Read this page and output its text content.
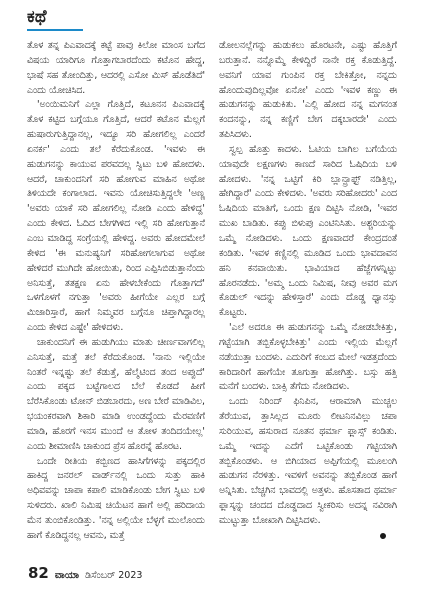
ಕಥೆ

ತೊಳ ತನ್ನ ಪಿಎವಾದಕ್ಕೆ ಕಟ್ಟೆ ಪಾವು ಕಿಲೋ ಮಾಂಸ ಬಗೆದ ವಿಷಯ ಯಾರಿಗೂ ಗೊತ್ತಾಗಬಾರದೆಂದು ಕಟೊನ ಹೇದ್ಡ, ಭಾಷೆ ಸಹ ತೋಂದಿತ್ತು, ಆದರಲ್ಲಿ ಎಸೋ ಮಿಸ್ ಹೊಡೆತಿದೆ' ಎಂದು ಯೋಚಿಸಿದ.

'ಅಂಯಿಮನಿಗೆ ಎಲ್ಲಾ ಗೊತ್ತಿದೆ, ಕಟೂನನ ಪಿಎವಾದಕ್ಕೆ ತೊಳ ಕಟ್ಟಿದ ಬಗ್ಗೆಯೂ ಗೊತ್ತಿದೆ, ಆದರೆ ಕಟೊನ ಮೆಲ್ಲಗೆ ಹುಷಾರುಗುತ್ತಿದ್ದಾನಲ್ಲ, ಇದ್ಯೂ ಸರಿ ಹೋಗಲಿಲ್ಲ ಎಂದರೆ ಏನರ್ಕ' ಎಂದು ತಲೆ ಕೆರೆದುಕೊಂಡ. 'ಇವಳು ಈ ಹುಡುಗನನ್ನು ಕಾಯುವ ಪರವದಲ್ಲ ಸ್ವಿಟು ಬಳಿ ಹೋದಳು. ಆದರೆ, ಚಾಕುಂದನಿಗೆ ಸರಿ ಹೋಗುವ ಮಾಹಿನ ಅಥೋ ತಿಳಿಯದೇ ಕಂಗಾಲಾದ. ಇವನು ಯೋಚಿಸುತ್ತಿದ್ದಲೇ 'ಅಣ್ಣ 'ಅವರು ಯಾಕೆ ಸರಿ ಹೋಗಲಿಲ್ಲ ನೋಡಿ ಎಂದು ಹೇಳಿದ್ದ' ಎಂದು ಕೇಳಿದ. ಓದಿದ ಬೇಗಗಿಳಿದ ಇಲ್ಲಿ ಸರಿ ಹೋಗುತ್ತಾನೆ ಎಂಬ ಮಾಡಿದ್ದ ಸಂಗ್ರೆಯಲ್ಲಿ ಹೇಳಿದ್ದ. ಅವರು ಹೋದಮೇಲೆ ಕೇಳಿದ 'ಈ ಮನುಷ್ಯನಿಗೆ ಸರಿಹೋಗಲಾಗುವ ಅಥೋ ಹೇಳಿದರೆ ಮುಗಿದೇ ಹೋಯಿತು, ರಿಂದ ಎಪ್ಪಿಸಿಬಿಡುತ್ತಾನೆಂದು ಅನಿಸುತ್ತೆ, ತತಕ್ಷಣ ಏನು ಹೇಳಬೇಕೆಂದು ಗೊತ್ತಾಗದೆ' ಒಳಗೊಳಗೆ ನಗುತ್ತಾ 'ಅವರು ಹೀಗೆಯೇ ಎಲ್ಲರ ಬಗ್ಗೆ ಮಿಜಾರಿಸ್ತಾರೆ, ಹಾಗೆ ನಿಮ್ಮವರ ಬಗ್ಗೆನೂ ಚಿಪ್ತಾಗಿದ್ದಾರಲ್ಲ ಎಂದು ಕೇಳಿದ ಎಷ್ಟೇ' ಹೇಳಿದಳು.

ಚಾಕುಂದನಿಗೆ ಈ ಹುಡುಗಿಯು ಮಾತು ಚೀರ್ಣವಾಗಲಿಲ್ಲ ಎನಿಸುತ್ತೆ, ಮತ್ತೆ ತಲೆ ಕೆರೆದುಕೊಂಡ. 'ನಾನು ಇಲ್ಲಿಯೇ ನಿಂತರೆ ಇನ್ನಷ್ಟು ತಲೆ ಕೆಡುತ್ತೆ, ಹೆಲ್ಮೆಟಿಂದ ತಂದ ಅಪ್ಪುದೆ' ಎಂದು ಪಕ್ಕದ ಬಟ್ಟೆಗಾಲದ ಬೆಲೆ ಕೊಡದೆ ಹೀಗೆ ಬೆರೆಸಿಕೊಂಡು ಟೋನ್ ಬಿಡಬಾರದು, ಅಣ ಬೇರೆ ಮಾಡಿವಿಲ, ಭಯಂಕರವಾಗಿ ಶಿಕಾರಿ ಮಾಡಿ ಉಂಡದ್ದೆಂದು ಮೆರವಣಿಗೆ ಮಾಡಿ, ಹೊರಗೆ ಇನಸ ಮುಂದೆ ಆ ತೋಳ ತಂದಿದಯೇಲ್ಲ' ಎಂದು ಶೀಮಾಣಿಸಿ ಚಾಕುಂದ ಪ್ರೆಸ ಹೊರನ್ನೆ ಹೊರಟ.

ಒಂದೇ ರೀತಿಯ ಕಬ್ಬಿಣದ ಹಾಸಿಗೆಗಳನ್ನು ಪಕ್ಕದಲ್ಲಿರ ಹಾಕಿದ್ದ ಜನರಲ್ ವಾರ್ಡ್‌ನಲ್ಲಿ ಒಂದು ಸುತ್ತು ಹಾಕಿ ಅಧಿವವನ್ನು ಚಾಪಾ ಕಪಾಲಿ ಮಾಡಿಕೊಂಡು ಬೇಗ ಸ್ವಿಟು ಬಳಿ ಸುಳಿದರು. ಖಾಲಿ ನಿಮಿಷ ಚಿಯೆಟನ ಹಾಗೆ ಅಲ್ಲಿ ಹರಿದಾಯ ಮೆನ ತುಂಬಿಕೊಂಡಿತ್ತು. 'ನನ್ನ ಅಲ್ಲಿಯೇ ಬೆಳ್ಳಗೆ ಮುಲೊಂದು ಹಾಗೆ ಕೊಡಿದ್ದನಲ್ಲ ಆವನು, ಮತ್ತೆ

ಡೋಲನಲ್ಲೆಗನ್ನು ಹುಡುಕಲು ಹೊರಟನೇ, ಎಷ್ಟು ಹೊತ್ತಿಗೆ ಬರುತ್ತಾನೆ. ನನ್ನೊಮ್ಮೆ ಕೇಳಿದ್ದಿರೆ ನಾನೇ ರಕ್ತ ಕೊಡುತ್ತಿದ್ದೆ. ಅವನಿಗೆ ಯಾವ ಗುಂಪಿನ ರಕ್ತ ಬೇಕಿತ್ತೋ, ನನ್ನದು ಹೊಂದುವುದಿಲ್ಲವೋ ಏನೋ' ಎಂದು 'ಇವಳ ಕಣ್ಣು ಈ ಹುಡುಗನನ್ನು ಹುಡುಕಿತು. 'ಎಲ್ಲಿ ಹೋದ ನನ್ನ ಮಗನಂತ ಕಂದನನ್ನು, ನನ್ನ ಕಣ್ಣಿಗೆ ಬೇಗ ದಕ್ಕಬಾರದೇ' ಎಂದು ತಪಿಸಿದಳು.

ಸ್ವಲ್ಪ ಹೊತ್ತು ಕಾದಳು. ಓಟಿಯ ಬಾಗಿಲ ಬಗೆಯೆಯ ಯಾವುದೇ ಲಕ್ಷಣಗಳು ಕಾಣದೆ ಸಾರಿದ ಓಷಿದಿಯ ಬಳಿ ಹೋದಳು. 'ನನ್ನ ಒಟ್ಟಿಗೆ ಕಿರಿ ಬ್ಲಾನ್ಪ್ರಾಫ್ಟ್ ನಡಿತ್ತಿಲ್ಲ, ಹೇಗಿದ್ದಾರೆ' ಎಂದು ಕೇಳಿದಳು. 'ಅವರು ಸರಿಹೋದರು' ಎಂದ ಓಷಿದಿಯ ಮಾತಿಗೆ, ಒಂದು ಕ್ಷಣ ದಿಟ್ಟಿಸಿ ನೋಡಿ, 'ಇವರ ಮುಖ ಬಾಡಿತು. ಕಪ್ಪು ಬಿಳುಪು ಎಂಟಿನಿಸಿತು. ಅಶ್ಚರಿಯನ್ನು ಒಮ್ಮೆ ನೋಡಿದಳು. ಒಂದು ಕ್ಷಣವಾದರೆ ಕೇಂದ್ರದಂತೆ ಕಂಡಿತು. 'ಇವಳ ಕಣ್ಣಿನಲ್ಲಿ ಮೂಡಿದ ಒಂದು ಭಾವದಾವನ ಹನಿ ಕನವಾಯಿತು. ಭಾವಿಯಾದ ಹೆಜ್ಜೆಗಳನ್ನಿಟ್ಟು ಹೊರನಡೆದು. 'ಅಮ್ಮ ಒಂದು ನಿಮಿಷ, ನೀವು ಅವರ ಮಗ ಕೊಡುಲ್ ಇದನ್ನು ಹೇಳಿಸ್ತಾರೆ' ಎಂದು ದೊಡ್ಡ ಧ್ವಾನಸ್ಸು ಕೊಟ್ಟರು.

'ಎಲೆ ಅದರೂ ಈ ಹುಡುಗನನ್ನು ಒಮ್ಮೆ ನೋಡಬೇಕಿತ್ತು, ಗಟ್ಟೆಯಾಗಿ ತಬ್ಬಿಕೊಳ್ಳಬೇಕಿತ್ತು' ಎಂದು ಇಲ್ಲಿಯ ಮೆಲ್ಲಗೆ ನಡೆಯುತ್ತಾ ಬಂದಳು. ಎದುರಿಗೆ ಕಂಬದ ಮೇಲೆ ಇಡತ್ತದೆಂದು ಕಾರಿದಾರಿಗೆ ಹಾಗೆಯೇ ತೂಗುತ್ತಾ ಹೋಗಿತ್ತು. ಬಸ್ಸು ಹತ್ತಿ ಮನೆಗೆ ಬಂದಳು. ಬಾಕ್ಸಿ ತೆಗೆದು ನೋಡಿದಳು.

ಒಂದು ನಿರಿಂದ್ ಫಿನಿಪಿನ, ಆರಾಮಾಗಿ ಮುಚ್ಚಲ ತೆರೆಯುವ, ತ್ತಾಸಿಲ್ಲದ ಮೂರು ಲೀಟನಿನವಿಲ್ಲು ಚಪಾ ಸುರಿಯುವ, ಹಸುರಾದ ನೂತನ ಥರ್ಮಾ ಫ್ಲಾಸ್ಸ್ ಕಂಡಿತು. ಒಮ್ಮೆ ಇದನ್ನು ಎದೆಗೆ ಒಟ್ಟಿಕೊಂಡು ಗಟ್ಟಿಯಾಗಿ ತಬ್ಬಿಕೊಂಡಳು. ಆ ಬಿಗಿಯಾದ ಅಪ್ಪಿಗೆಯಲ್ಲಿ ಮೂಲಂಗಿ ಹುಡುಗನ ನೆರಳಿತ್ತು. ಇವಳಿಗೆ ಅವನನ್ನು ತಬ್ಬಿಕೊಂಡ ಹಾಗೆ ಅನ್ನಿಸಿತು. ಬೆಚ್ಚಗಿನ ಭಾವದಲ್ಲಿ ಅತ್ತಳು. ಹೊಸತಾದ ಥರ್ಮಾ ಫ್ಲಾಸ್ಕನ್ನು ಚಂದದ ದೊಡ್ಡದಾದ ಸ್ವೀಕರಿಸು ಅದನ್ನ ನವಿರಾಗಿ ಮುಟ್ಟುತ್ತಾ ಬೋಖಾಗಿ ದಿಟ್ಟಿಸಿದಳು.

82 ವಾಯಾ ಡಿಸೆಂಬರ್ 2023
